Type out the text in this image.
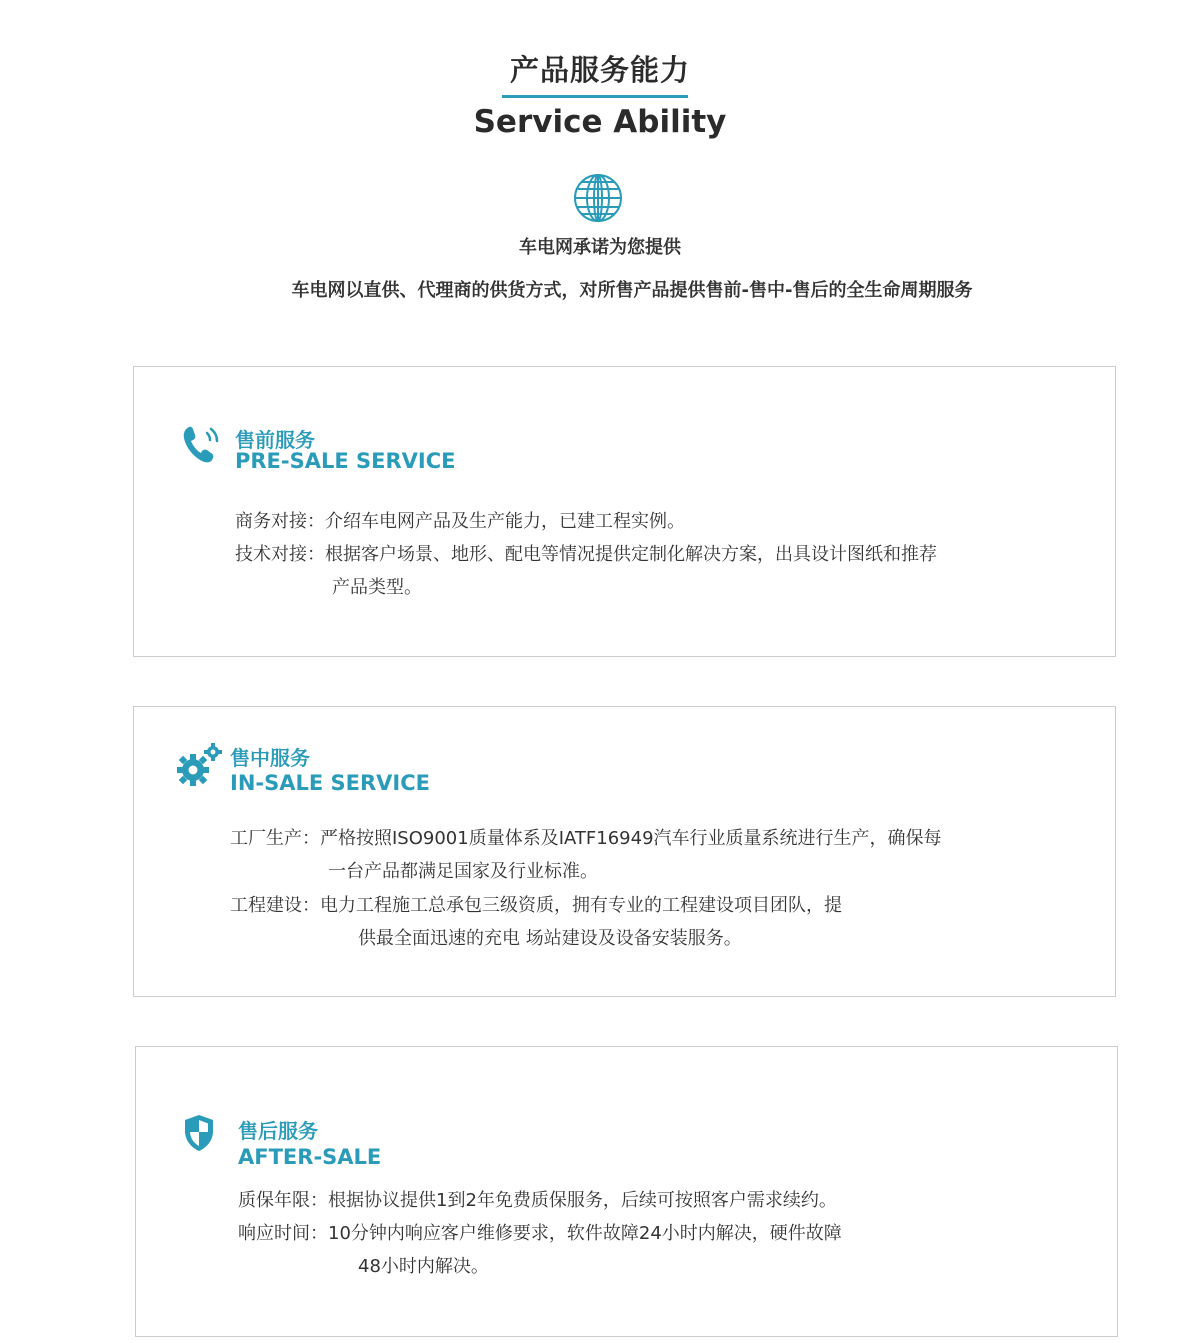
产品服务能力
Service Ability
车电网承诺为您提供
车电网以直供、代理商的供货方式，对所售产品提供售前-售中-售后的全生命周期服务
售前服务
PRE-SALE SERVICE
商务对接：介绍车电网产品及生产能力，已建工程实例。
技术对接：根据客户场景、地形、配电等情况提供定制化解决方案，出具设计图纸和推荐
产品类型。
售中服务
IN-SALE SERVICE
工厂生产：严格按照ISO9001质量体系及IATF16949汽车行业质量系统进行生产，确保每
一台产品都满足国家及行业标准。
工程建设：电力工程施工总承包三级资质，拥有专业的工程建设项目团队，提
供最全面迅速的充电 场站建设及设备安装服务。
售后服务
AFTER-SALE
质保年限：根据协议提供1到2年免费质保服务，后续可按照客户需求续约。
响应时间：10分钟内响应客户维修要求，软件故障24小时内解决，硬件故障
48小时内解决。
